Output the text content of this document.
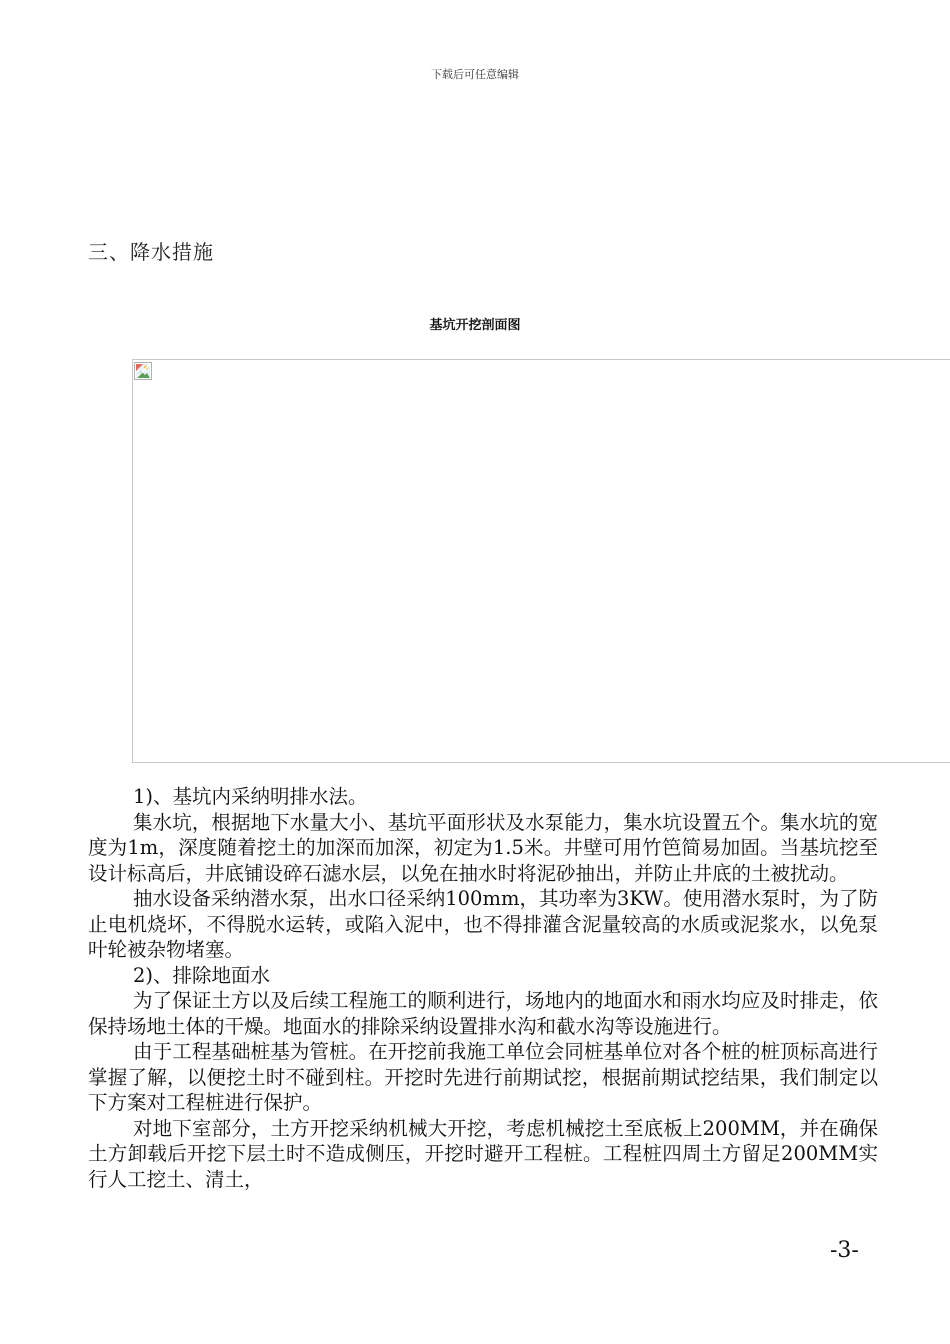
下载后可任意编辑
三、降水措施
基坑开挖剖面图

1)、基坑内采纳明排水法。

集水坑，根据地下水量大小、基坑平面形状及水泵能力，集水坑设置五个。集水坑的宽度为1m，深度随着挖土的加深而加深，初定为1.5米。井壁可用竹笆简易加固。当基坑挖至设计标高后，井底铺设碎石滤水层，以免在抽水时将泥砂抽出，并防止井底的土被扰动。

抽水设备采纳潜水泵，出水口径采纳100mm，其功率为3KW。使用潜水泵时，为了防止电机烧坏，不得脱水运转，或陷入泥中，也不得排灌含泥量较高的水质或泥浆水，以免泵叶轮被杂物堵塞。

2)、排除地面水

为了保证土方以及后续工程施工的顺利进行，场地内的地面水和雨水均应及时排走，依保持场地土体的干燥。地面水的排除采纳设置排水沟和截水沟等设施进行。

由于工程基础桩基为管桩。在开挖前我施工单位会同桩基单位对各个桩的桩顶标高进行掌握了解，以便挖土时不碰到柱。开挖时先进行前期试挖，根据前期试挖结果，我们制定以下方案对工程桩进行保护。

对地下室部分，土方开挖采纳机械大开挖，考虑机械挖土至底板上200MM，并在确保土方卸载后开挖下层土时不造成侧压，开挖时避开工程桩。工程桩四周土方留足200MM实行人工挖土、清土，

-3-
